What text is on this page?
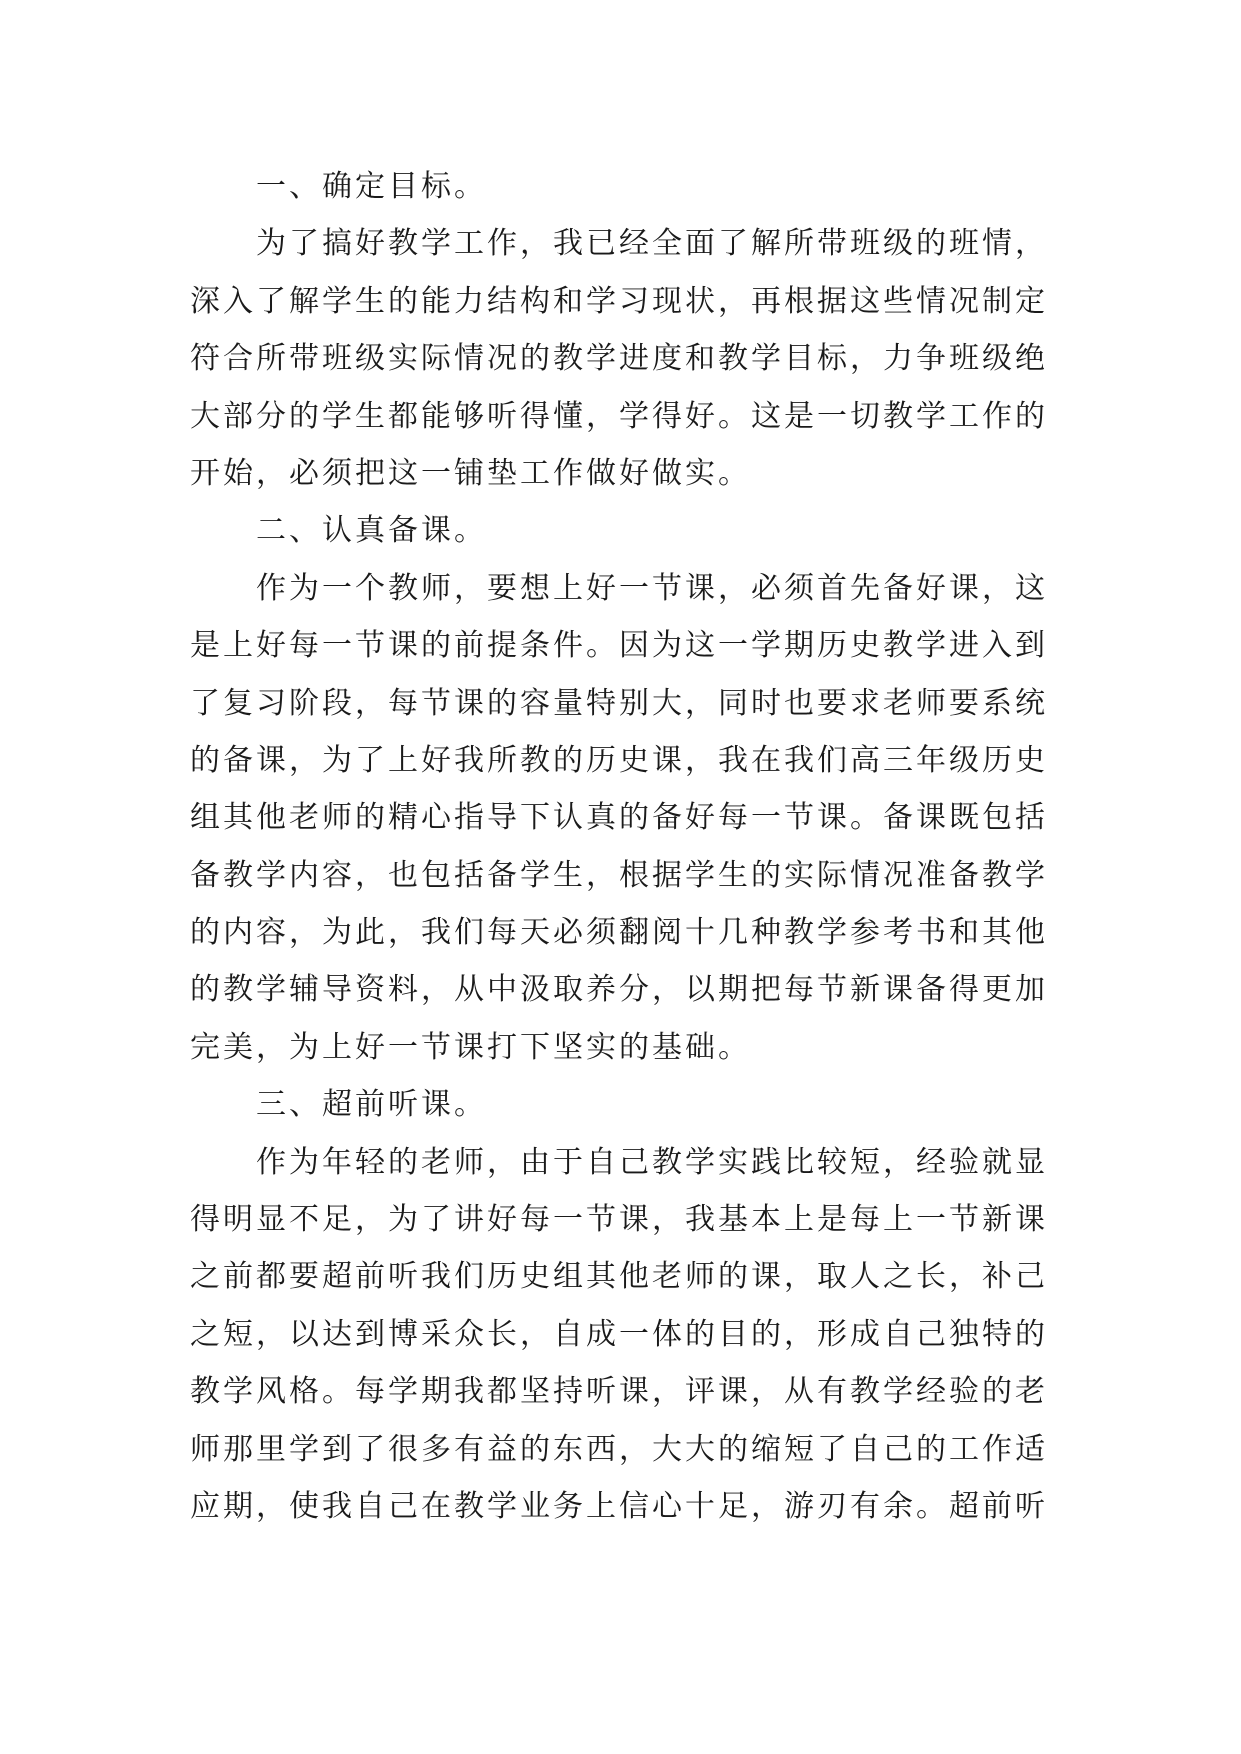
一、确定目标。
为了搞好教学工作，我已经全面了解所带班级的班情，
深入了解学生的能力结构和学习现状，再根据这些情况制定
符合所带班级实际情况的教学进度和教学目标，力争班级绝
大部分的学生都能够听得懂，学得好。这是一切教学工作的
开始，必须把这一铺垫工作做好做实。
二、认真备课。
作为一个教师，要想上好一节课，必须首先备好课，这
是上好每一节课的前提条件。因为这一学期历史教学进入到
了复习阶段，每节课的容量特别大，同时也要求老师要系统
的备课，为了上好我所教的历史课，我在我们高三年级历史
组其他老师的精心指导下认真的备好每一节课。备课既包括
备教学内容，也包括备学生，根据学生的实际情况准备教学
的内容，为此，我们每天必须翻阅十几种教学参考书和其他
的教学辅导资料，从中汲取养分，以期把每节新课备得更加
完美，为上好一节课打下坚实的基础。
三、超前听课。
作为年轻的老师，由于自己教学实践比较短，经验就显
得明显不足，为了讲好每一节课，我基本上是每上一节新课
之前都要超前听我们历史组其他老师的课，取人之长，补己
之短，以达到博采众长，自成一体的目的，形成自己独特的
教学风格。每学期我都坚持听课，评课，从有教学经验的老
师那里学到了很多有益的东西，大大的缩短了自己的工作适
应期，使我自己在教学业务上信心十足，游刃有余。超前听
